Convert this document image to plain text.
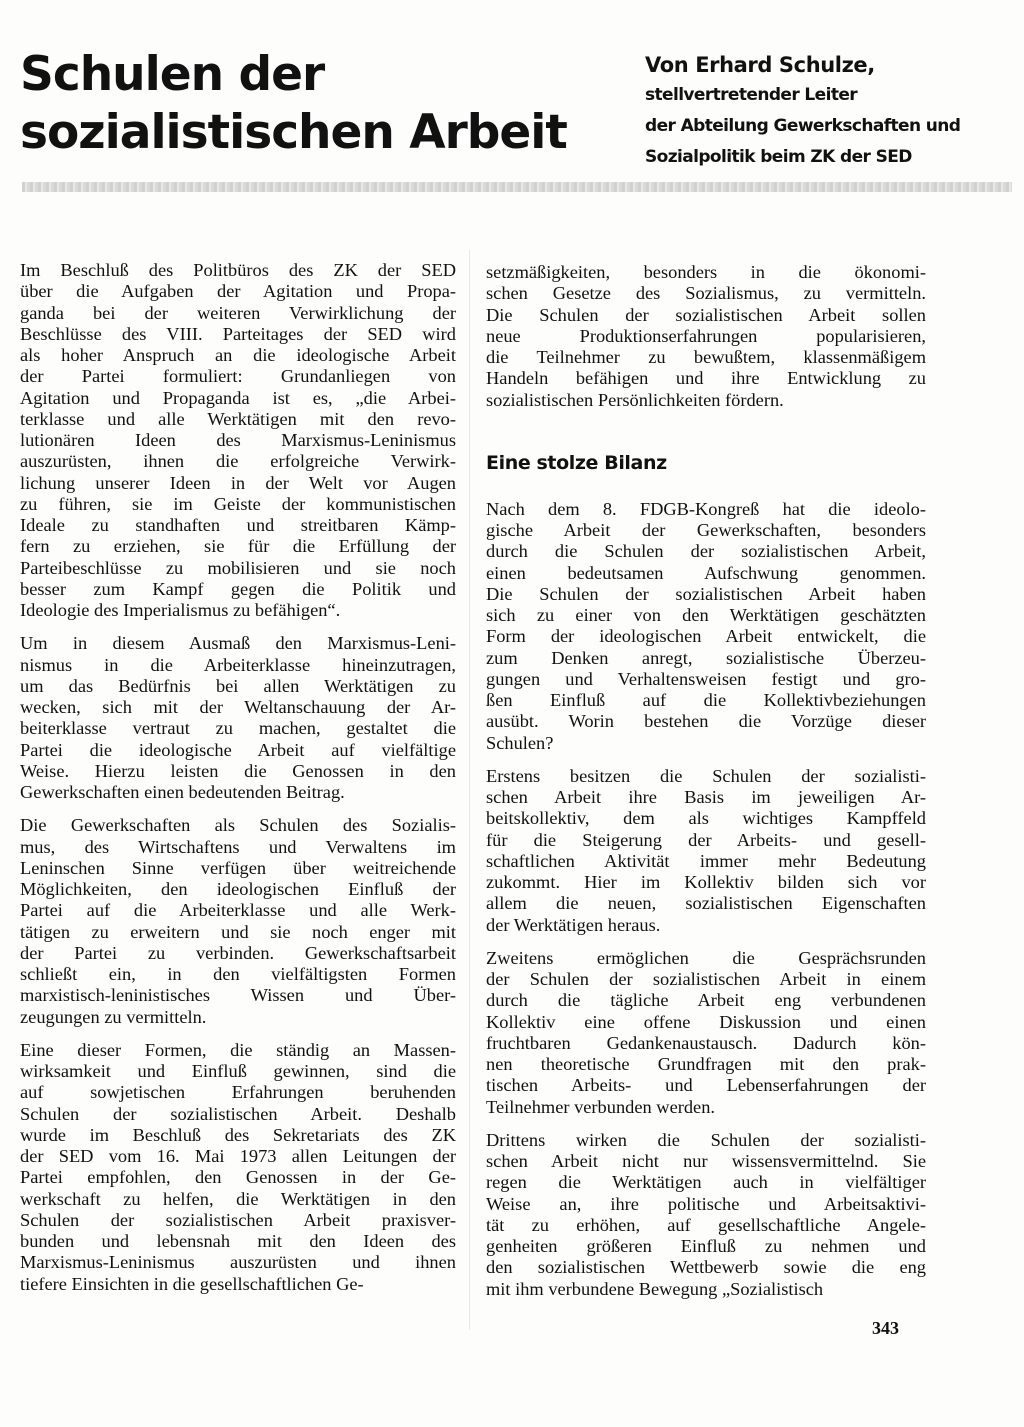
Schulen der
sozialistischen Arbeit
Von Erhard Schulze,
stellvertretender Leiter
der Abteilung Gewerkschaften und
Sozialpolitik beim ZK der SED

Im Beschluß des Politbüros des ZK der SED
über die Aufgaben der Agitation und Propa-
ganda bei der weiteren Verwirklichung der
Beschlüsse des VIII. Parteitages der SED wird
als hoher Anspruch an die ideologische Arbeit
der Partei formuliert: Grundanliegen von
Agitation und Propaganda ist es, „die Arbei-
terklasse und alle Werktätigen mit den revo-
lutionären Ideen des Marxismus-Leninismus
auszurüsten, ihnen die erfolgreiche Verwirk-
lichung unserer Ideen in der Welt vor Augen
zu führen, sie im Geiste der kommunistischen
Ideale zu standhaften und streitbaren Kämp-
fern zu erziehen, sie für die Erfüllung der
Parteibeschlüsse zu mobilisieren und sie noch
besser zum Kampf gegen die Politik und
Ideologie des Imperialismus zu befähigen“.

Um in diesem Ausmaß den Marxismus-Leni-
nismus in die Arbeiterklasse hineinzutragen,
um das Bedürfnis bei allen Werktätigen zu
wecken, sich mit der Weltanschauung der Ar-
beiterklasse vertraut zu machen, gestaltet die
Partei die ideologische Arbeit auf vielfältige
Weise. Hierzu leisten die Genossen in den
Gewerkschaften einen bedeutenden Beitrag.

Die Gewerkschaften als Schulen des Sozialis-
mus, des Wirtschaftens und Verwaltens im
Leninschen Sinne verfügen über weitreichende
Möglichkeiten, den ideologischen Einfluß der
Partei auf die Arbeiterklasse und alle Werk-
tätigen zu erweitern und sie noch enger mit
der Partei zu verbinden. Gewerkschaftsarbeit
schließt ein, in den vielfältigsten Formen
marxistisch-leninistisches Wissen und Über-
zeugungen zu vermitteln.

Eine dieser Formen, die ständig an Massen-
wirksamkeit und Einfluß gewinnen, sind die
auf sowjetischen Erfahrungen beruhenden
Schulen der sozialistischen Arbeit. Deshalb
wurde im Beschluß des Sekretariats des ZK
der SED vom 16. Mai 1973 allen Leitungen der
Partei empfohlen, den Genossen in der Ge-
werkschaft zu helfen, die Werktätigen in den
Schulen der sozialistischen Arbeit praxisver-
bunden und lebensnah mit den Ideen des
Marxismus-Leninismus auszurüsten und ihnen
tiefere Einsichten in die gesellschaftlichen Ge-

setzmäßigkeiten, besonders in die ökonomi-
schen Gesetze des Sozialismus, zu vermitteln.
Die Schulen der sozialistischen Arbeit sollen
neue Produktionserfahrungen popularisieren,
die Teilnehmer zu bewußtem, klassenmäßigem
Handeln befähigen und ihre Entwicklung zu
sozialistischen Persönlichkeiten fördern.

Eine stolze Bilanz

Nach dem 8. FDGB-Kongreß hat die ideolo-
gische Arbeit der Gewerkschaften, besonders
durch die Schulen der sozialistischen Arbeit,
einen bedeutsamen Aufschwung genommen.
Die Schulen der sozialistischen Arbeit haben
sich zu einer von den Werktätigen geschätzten
Form der ideologischen Arbeit entwickelt, die
zum Denken anregt, sozialistische Überzeu-
gungen und Verhaltensweisen festigt und gro-
ßen Einfluß auf die Kollektivbeziehungen
ausübt. Worin bestehen die Vorzüge dieser
Schulen?

Erstens besitzen die Schulen der sozialisti-
schen Arbeit ihre Basis im jeweiligen Ar-
beitskollektiv, dem als wichtiges Kampffeld
für die Steigerung der Arbeits- und gesell-
schaftlichen Aktivität immer mehr Bedeutung
zukommt. Hier im Kollektiv bilden sich vor
allem die neuen, sozialistischen Eigenschaften
der Werktätigen heraus.

Zweitens ermöglichen die Gesprächsrunden
der Schulen der sozialistischen Arbeit in einem
durch die tägliche Arbeit eng verbundenen
Kollektiv eine offene Diskussion und einen
fruchtbaren Gedankenaustausch. Dadurch kön-
nen theoretische Grundfragen mit den prak-
tischen Arbeits- und Lebenserfahrungen der
Teilnehmer verbunden werden.

Drittens wirken die Schulen der sozialisti-
schen Arbeit nicht nur wissensvermittelnd. Sie
regen die Werktätigen auch in vielfältiger
Weise an, ihre politische und Arbeitsaktivi-
tät zu erhöhen, auf gesellschaftliche Angele-
genheiten größeren Einfluß zu nehmen und
den sozialistischen Wettbewerb sowie die eng
mit ihm verbundene Bewegung „Sozialistisch

343
